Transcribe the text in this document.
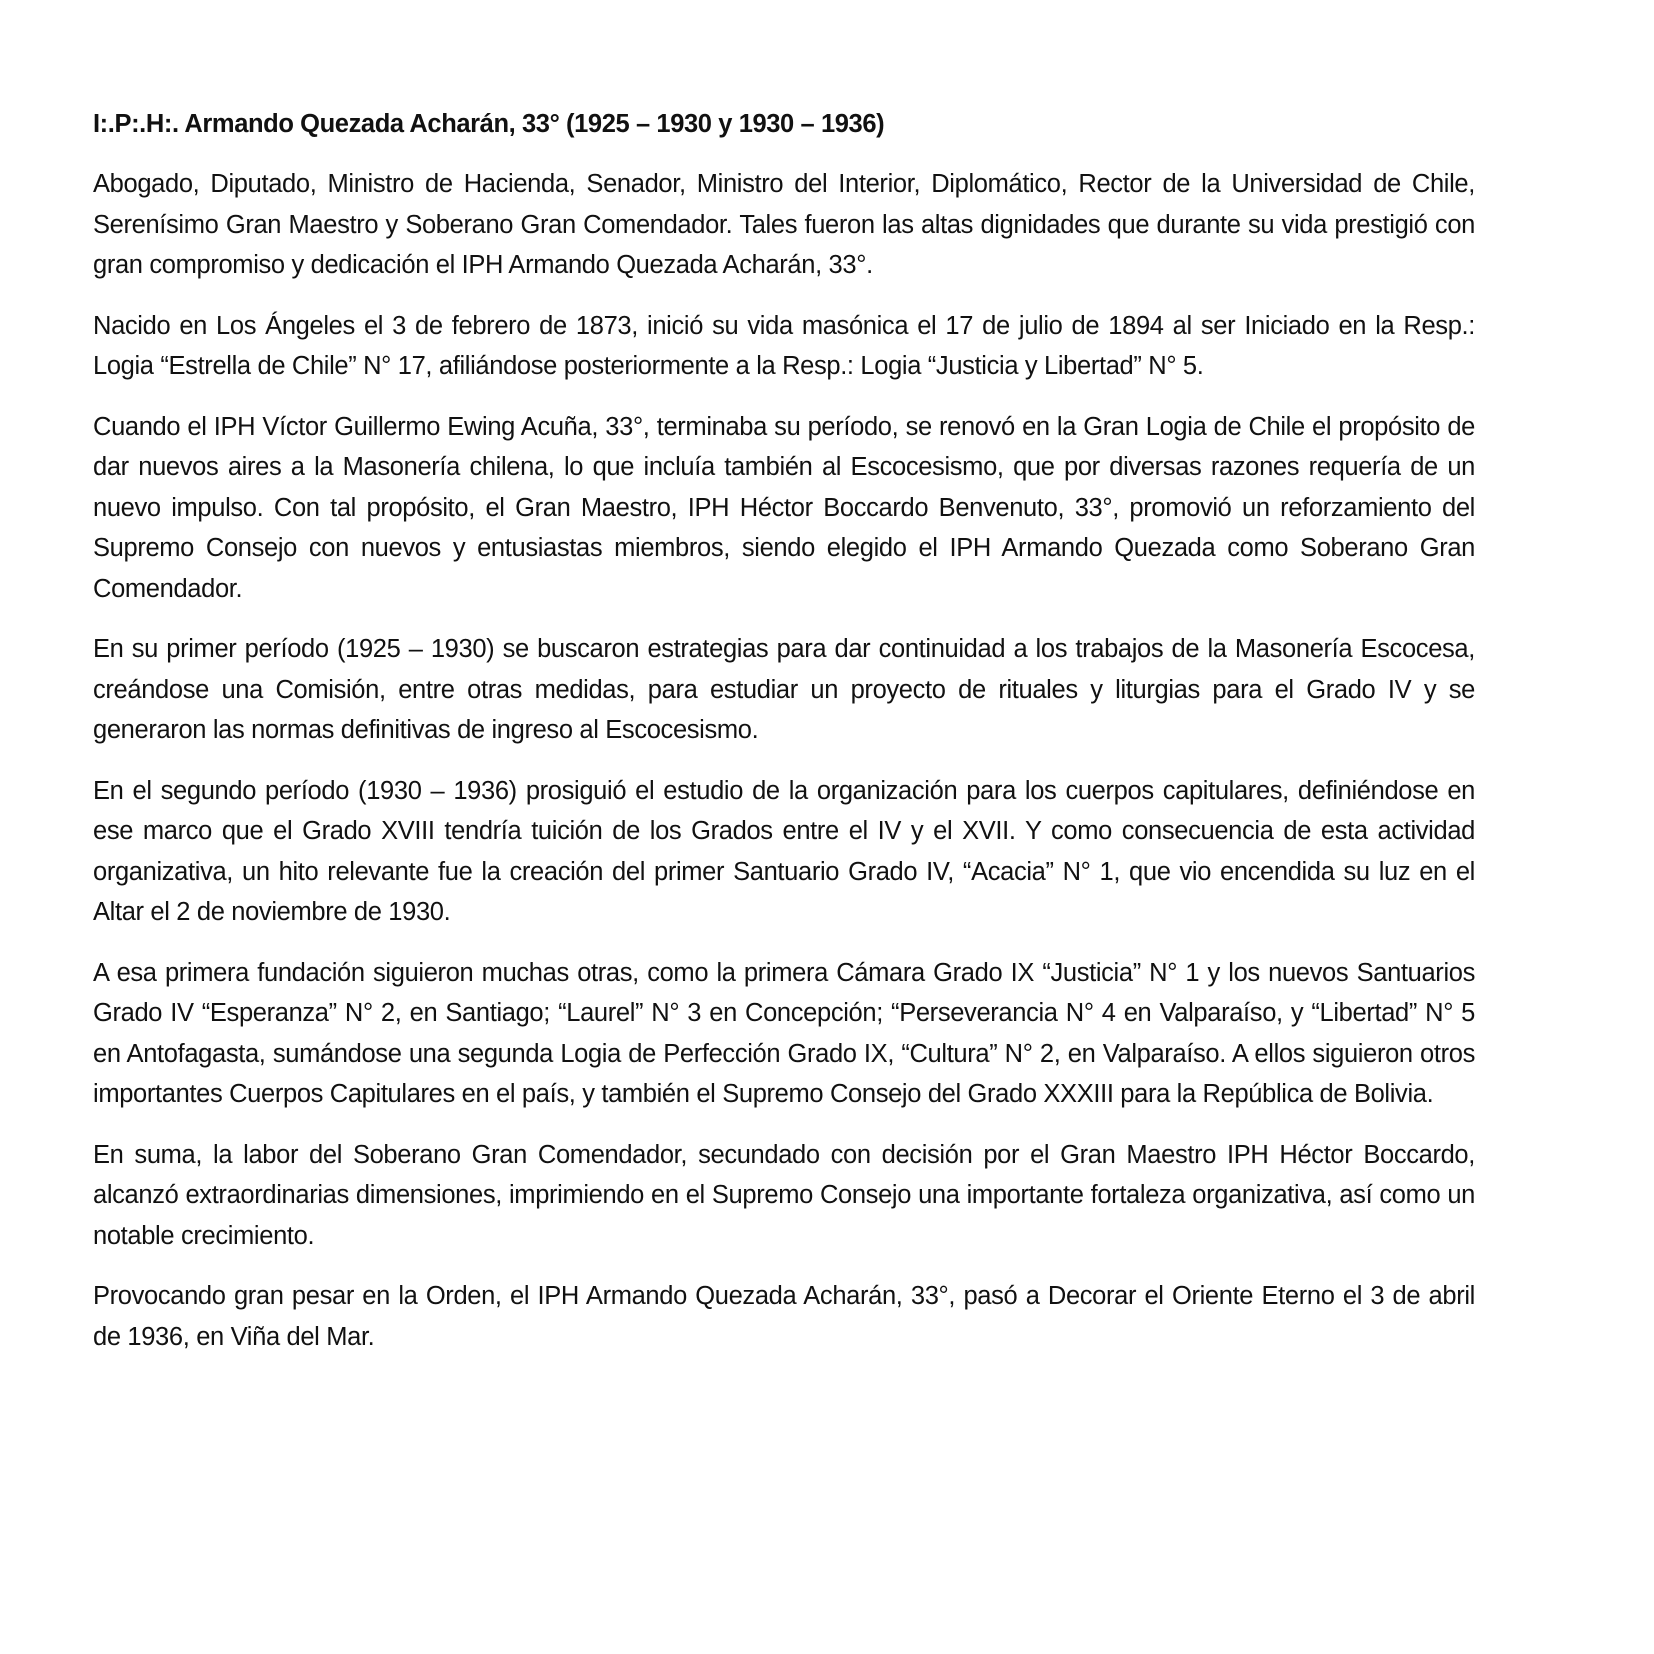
I:.P:.H:. Armando Quezada Acharán, 33° (1925 – 1930 y 1930 – 1936)

Abogado, Diputado, Ministro de Hacienda, Senador, Ministro del Interior, Diplomático, Rector de la Universidad de Chile, Serenísimo Gran Maestro y Soberano Gran Comendador. Tales fueron las altas dignidades que durante su vida prestigió con gran compromiso y dedicación el IPH Armando Quezada Acharán, 33°.

Nacido en Los Ángeles el 3 de febrero de 1873, inició su vida masónica el 17 de julio de 1894 al ser Iniciado en la Resp.: Logia “Estrella de Chile” N° 17, afiliándose posteriormente a la Resp.: Logia “Justicia y Libertad” N° 5.

Cuando el IPH Víctor Guillermo Ewing Acuña, 33°, terminaba su período, se renovó en la Gran Logia de Chile el propósito de dar nuevos aires a la Masonería chilena, lo que incluía también al Escocesismo, que por diversas razones requería de un nuevo impulso. Con tal propósito, el Gran Maestro, IPH Héctor Boccardo Benvenuto, 33°, promovió un reforzamiento del Supremo Consejo con nuevos y entusiastas miembros, siendo elegido el IPH Armando Quezada como Soberano Gran Comendador.

En su primer período (1925 – 1930) se buscaron estrategias para dar continuidad a los trabajos de la Masonería Escocesa, creándose una Comisión, entre otras medidas, para estudiar un proyecto de rituales y liturgias para el Grado IV y se generaron las normas definitivas de ingreso al Escocesismo.

En el segundo período (1930 – 1936) prosiguió el estudio de la organización para los cuerpos capitulares, definiéndose en ese marco que el Grado XVIII tendría tuición de los Grados entre el IV y el XVII. Y como consecuencia de esta actividad organizativa, un hito relevante fue la creación del primer Santuario Grado IV, “Acacia” N° 1, que vio encendida su luz en el Altar el 2 de noviembre de 1930.

A esa primera fundación siguieron muchas otras, como la primera Cámara Grado IX “Justicia” N° 1 y los nuevos Santuarios Grado IV “Esperanza” N° 2, en Santiago; “Laurel” N° 3 en Concepción; “Perseverancia N° 4 en Valparaíso, y “Libertad” N° 5 en Antofagasta, sumándose una segunda Logia de Perfección Grado IX, “Cultura” N° 2, en Valparaíso. A ellos siguieron otros importantes Cuerpos Capitulares en el país, y también el Supremo Consejo del Grado XXXIII para la República de Bolivia.

En suma, la labor del Soberano Gran Comendador, secundado con decisión por el Gran Maestro IPH Héctor Boccardo, alcanzó extraordinarias dimensiones, imprimiendo en el Supremo Consejo una importante fortaleza organizativa, así como un notable crecimiento.

Provocando gran pesar en la Orden, el IPH Armando Quezada Acharán, 33°, pasó a Decorar el Oriente Eterno el 3 de abril de 1936, en Viña del Mar.
